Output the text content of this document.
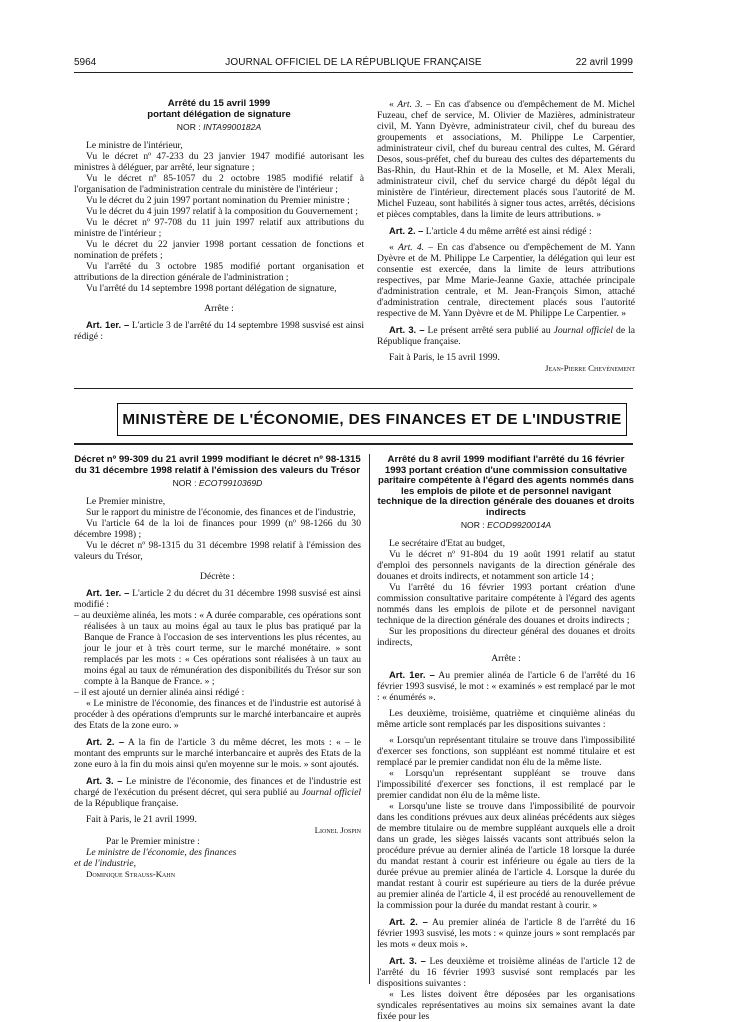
5964	JOURNAL OFFICIEL DE LA RÉPUBLIQUE FRANÇAISE	22 avril 1999

Arrêté du 15 avril 1999

portant délégation de signature

NOR : INTA9900182A

Le ministre de l'intérieur,

Vu le décret nº 47-233 du 23 janvier 1947 modifié autorisant les ministres à déléguer, par arrêté, leur signature ;

Vu le décret nº 85-1057 du 2 octobre 1985 modifié relatif à l'organisation de l'administration centrale du ministère de l'intérieur ;

Vu le décret du 2 juin 1997 portant nomination du Premier ministre ;

Vu le décret du 4 juin 1997 relatif à la composition du Gouvernement ;

Vu le décret nº 97-708 du 11 juin 1997 relatif aux attributions du ministre de l'intérieur ;

Vu le décret du 22 janvier 1998 portant cessation de fonctions et nomination de préfets ;

Vu l'arrêté du 3 octobre 1985 modifié portant organisation et attributions de la direction générale de l'administration ;

Vu l'arrêté du 14 septembre 1998 portant délégation de signature,

Arrête :

Art. 1er. – L'article 3 de l'arrêté du 14 septembre 1998 susvisé est ainsi rédigé :

« Art. 3. – En cas d'absence ou d'empêchement de M. Michel Fuzeau, chef de service, M. Olivier de Mazières, administrateur civil, M. Yann Dyèvre, administrateur civil, chef du bureau des groupements et associations, M. Philippe Le Carpentier, administrateur civil, chef du bureau central des cultes, M. Gérard Desos, sous-préfet, chef du bureau des cultes des départements du Bas-Rhin, du Haut-Rhin et de la Moselle, et M. Alex Merali, administrateur civil, chef du service chargé du dépôt légal du ministère de l'intérieur, directement placés sous l'autorité de M. Michel Fuzeau, sont habilités à signer tous actes, arrêtés, décisions et pièces comptables, dans la limite de leurs attributions. »

Art. 2. – L'article 4 du même arrêté est ainsi rédigé :

« Art. 4. – En cas d'absence ou d'empêchement de M. Yann Dyèvre et de M. Philippe Le Carpentier, la délégation qui leur est consentie est exercée, dans la limite de leurs attributions respectives, par Mme Marie-Jeanne Gaxie, attachée principale d'administration centrale, et M. Jean-François Simon, attaché d'administration centrale, directement placés sous l'autorité respective de M. Yann Dyèvre et de M. Philippe Le Carpentier. »

Art. 3. – Le présent arrêté sera publié au Journal officiel de la République française.

Fait à Paris, le 15 avril 1999.

Jean-Pierre Chevènement

MINISTÈRE DE L'ÉCONOMIE, DES FINANCES ET DE L'INDUSTRIE

Décret nº 99-309 du 21 avril 1999 modifiant le décret nº 98-1315 du 31 décembre 1998 relatif à l'émission des valeurs du Trésor

NOR : ECOT9910369D

Le Premier ministre,

Sur le rapport du ministre de l'économie, des finances et de l'industrie,

Vu l'article 64 de la loi de finances pour 1999 (nº 98-1266 du 30 décembre 1998) ;

Vu le décret nº 98-1315 du 31 décembre 1998 relatif à l'émission des valeurs du Trésor,

Décrète :

Art. 1er. – L'article 2 du décret du 31 décembre 1998 susvisé est ainsi modifié :

– au deuxième alinéa, les mots : « A durée comparable, ces opérations sont réalisées à un taux au moins égal au taux le plus bas pratiqué par la Banque de France à l'occasion de ses interventions les plus récentes, au jour le jour et à très court terme, sur le marché monétaire. » sont remplacés par les mots : « Ces opérations sont réalisées à un taux au moins égal au taux de rémunération des disponibilités du Trésor sur son compte à la Banque de France. » ;

– il est ajouté un dernier alinéa ainsi rédigé :

« Le ministre de l'économie, des finances et de l'industrie est autorisé à procéder à des opérations d'emprunts sur le marché interbancaire et auprès des Etats de la zone euro. »

Art. 2. – A la fin de l'article 3 du même décret, les mots : « – le montant des emprunts sur le marché interbancaire et auprès des Etats de la zone euro à la fin du mois ainsi qu'en moyenne sur le mois. » sont ajoutés.

Art. 3. – Le ministre de l'économie, des finances et de l'industrie est chargé de l'exécution du présent décret, qui sera publié au Journal officiel de la République française.

Fait à Paris, le 21 avril 1999.

Lionel Jospin

Par le Premier ministre :

Le ministre de l'économie, des finances et de l'industrie,

Dominique Strauss-Kahn

Arrêté du 8 avril 1999 modifiant l'arrêté du 16 février 1993 portant création d'une commission consultative paritaire compétente à l'égard des agents nommés dans les emplois de pilote et de personnel navigant technique de la direction générale des douanes et droits indirects

NOR : ECOD9920014A

Le secrétaire d'Etat au budget,

Vu le décret nº 91-804 du 19 août 1991 relatif au statut d'emploi des personnels navigants de la direction générale des douanes et droits indirects, et notamment son article 14 ;

Vu l'arrêté du 16 février 1993 portant création d'une commission consultative paritaire compétente à l'égard des agents nommés dans les emplois de pilote et de personnel navigant technique de la direction générale des douanes et droits indirects ;

Sur les propositions du directeur général des douanes et droits indirects,

Arrête :

Art. 1er. – Au premier alinéa de l'article 6 de l'arrêté du 16 février 1993 susvisé, le mot : « examinés » est remplacé par le mot : « énumérés ».

Les deuxième, troisième, quatrième et cinquième alinéas du même article sont remplacés par les dispositions suivantes :

« Lorsqu'un représentant titulaire se trouve dans l'impossibilité d'exercer ses fonctions, son suppléant est nommé titulaire et est remplacé par le premier candidat non élu de la même liste.

« Lorsqu'un représentant suppléant se trouve dans l'impossibilité d'exercer ses fonctions, il est remplacé par le premier candidat non élu de la même liste.

« Lorsqu'une liste se trouve dans l'impossibilité de pourvoir dans les conditions prévues aux deux alinéas précédents aux sièges de membre titulaire ou de membre suppléant auxquels elle a droit dans un grade, les sièges laissés vacants sont attribués selon la procédure prévue au dernier alinéa de l'article 18 lorsque la durée du mandat restant à courir est inférieure ou égale au tiers de la durée prévue au premier alinéa de l'article 4. Lorsque la durée du mandat restant à courir est supérieure au tiers de la durée prévue au premier alinéa de l'article 4, il est procédé au renouvellement de la commission pour la durée du mandat restant à courir. »

Art. 2. – Au premier alinéa de l'article 8 de l'arrêté du 16 février 1993 susvisé, les mots : « quinze jours » sont remplacés par les mots « deux mois ».

Art. 3. – Les deuxième et troisième alinéas de l'article 12 de l'arrêté du 16 février 1993 susvisé sont remplacés par les dispositions suivantes :

« Les listes doivent être déposées par les organisations syndicales représentatives au moins six semaines avant la date fixée pour les
